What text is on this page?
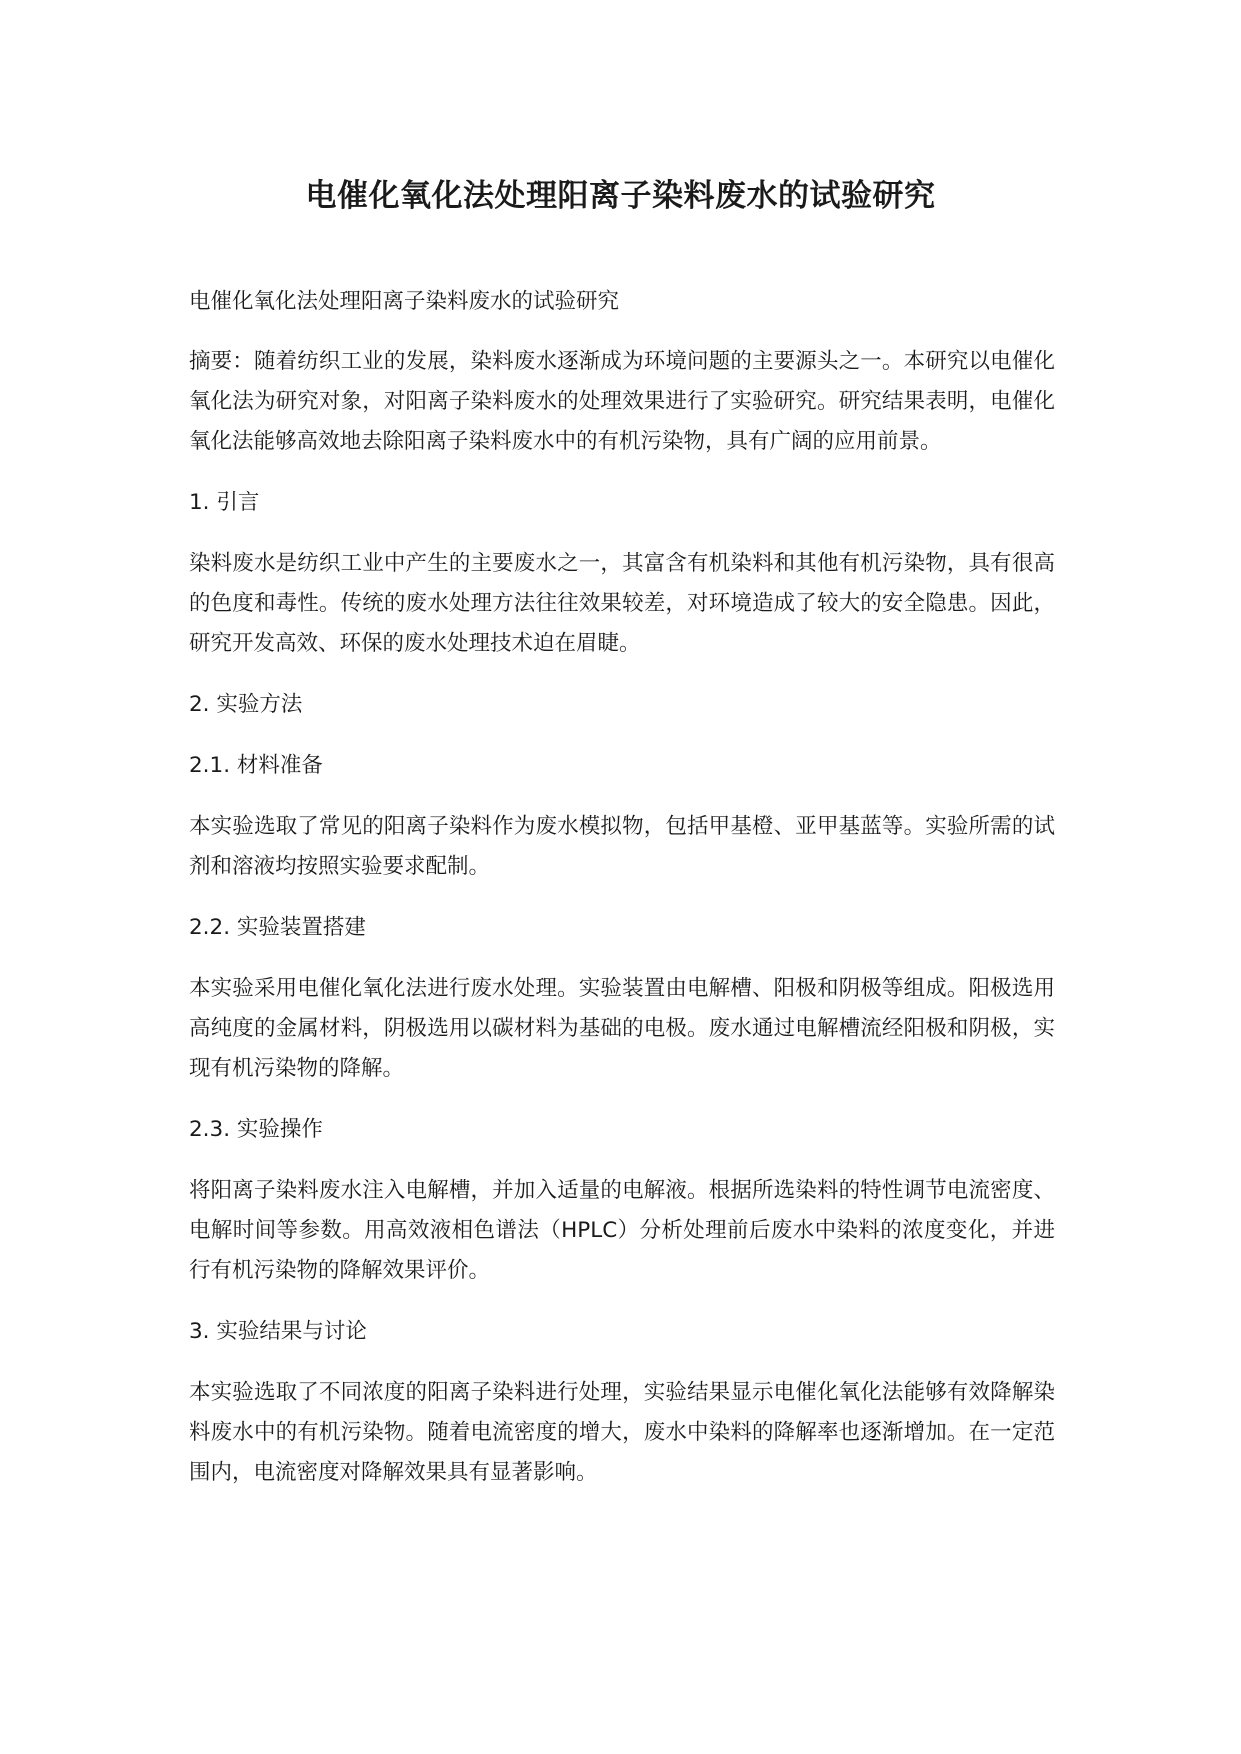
电催化氧化法处理阳离子染料废水的试验研究

电催化氧化法处理阳离子染料废水的试验研究

摘要：随着纺织工业的发展，染料废水逐渐成为环境问题的主要源头之一。本研究以电催化氧化法为研究对象，对阳离子染料废水的处理效果进行了实验研究。研究结果表明，电催化氧化法能够高效地去除阳离子染料废水中的有机污染物，具有广阔的应用前景。

1. 引言

染料废水是纺织工业中产生的主要废水之一，其富含有机染料和其他有机污染物，具有很高的色度和毒性。传统的废水处理方法往往效果较差，对环境造成了较大的安全隐患。因此，研究开发高效、环保的废水处理技术迫在眉睫。

2. 实验方法

2.1. 材料准备

本实验选取了常见的阳离子染料作为废水模拟物，包括甲基橙、亚甲基蓝等。实验所需的试剂和溶液均按照实验要求配制。

2.2. 实验装置搭建

本实验采用电催化氧化法进行废水处理。实验装置由电解槽、阳极和阴极等组成。阳极选用高纯度的金属材料，阴极选用以碳材料为基础的电极。废水通过电解槽流经阳极和阴极，实现有机污染物的降解。

2.3. 实验操作

将阳离子染料废水注入电解槽，并加入适量的电解液。根据所选染料的特性调节电流密度、电解时间等参数。用高效液相色谱法（HPLC）分析处理前后废水中染料的浓度变化，并进行有机污染物的降解效果评价。

3. 实验结果与讨论

本实验选取了不同浓度的阳离子染料进行处理，实验结果显示电催化氧化法能够有效降解染料废水中的有机污染物。随着电流密度的增大，废水中染料的降解率也逐渐增加。在一定范围内，电流密度对降解效果具有显著影响。
